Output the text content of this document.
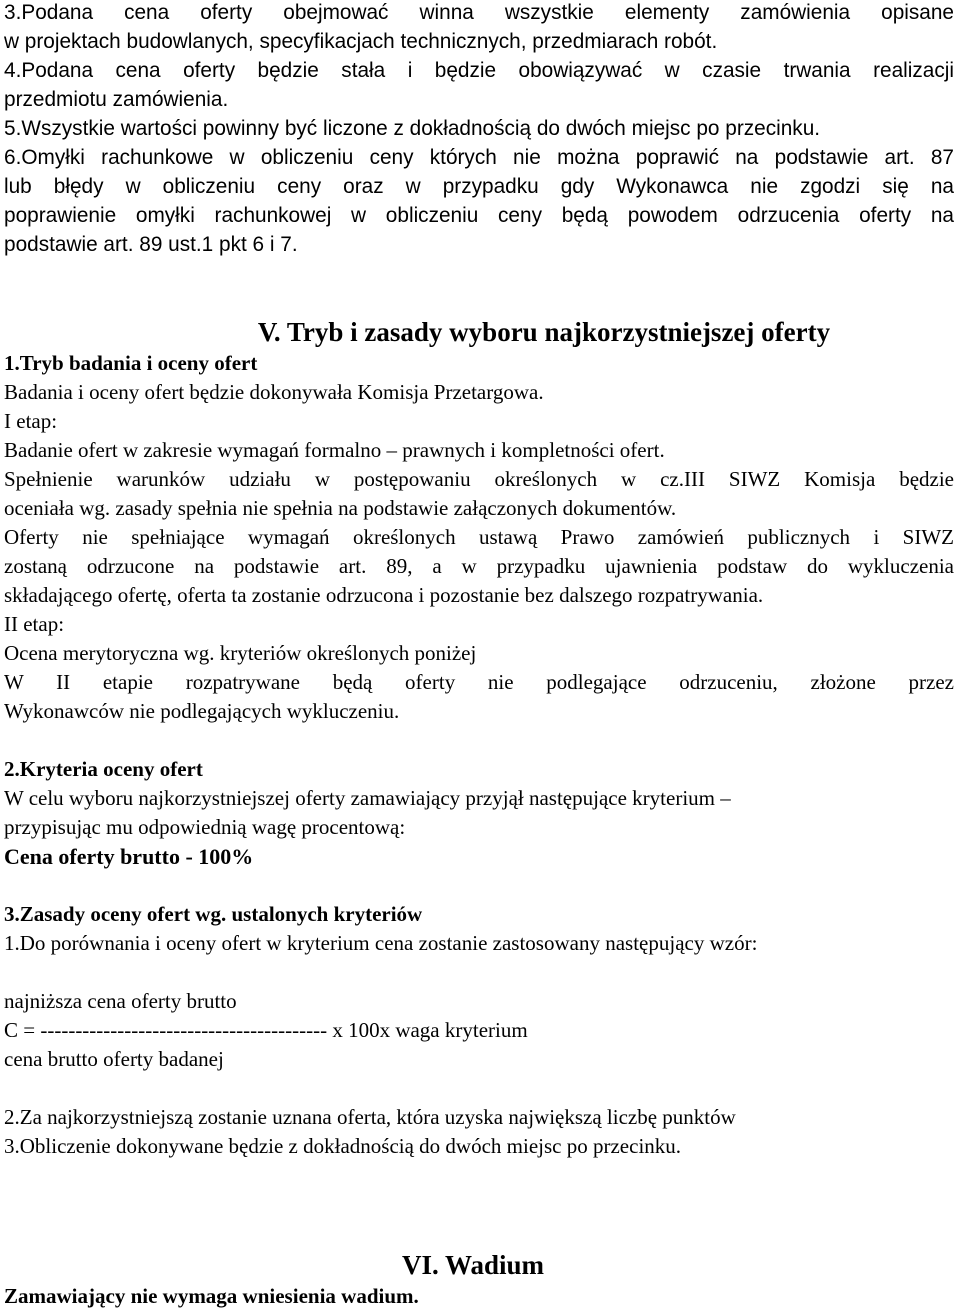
3.Podana cena oferty obejmować winna wszystkie elementy zamówienia opisane

w projektach budowlanych, specyfikacjach technicznych, przedmiarach robót.

4.Podana cena oferty będzie stała i będzie obowiązywać w czasie trwania realizacji

przedmiotu zamówienia.

5.Wszystkie wartości powinny być liczone z dokładnością do dwóch miejsc po przecinku.

6.Omyłki rachunkowe w obliczeniu ceny których nie można poprawić na podstawie art. 87

lub błędy w obliczeniu ceny oraz w przypadku gdy Wykonawca nie zgodzi się na

poprawienie omyłki rachunkowej w obliczeniu ceny będą powodem odrzucenia oferty na

podstawie art. 89 ust.1 pkt 6 i 7.

V. Tryb i zasady wyboru najkorzystniejszej oferty

1.Tryb badania i oceny ofert

Badania i oceny ofert będzie dokonywała Komisja Przetargowa.

I etap:

Badanie ofert w zakresie wymagań formalno – prawnych i kompletności ofert.

Spełnienie warunków udziału w postępowaniu określonych w cz.III SIWZ Komisja będzie

oceniała wg. zasady spełnia nie spełnia na podstawie załączonych dokumentów.

Oferty nie spełniające wymagań określonych ustawą Prawo zamówień publicznych i SIWZ

zostaną odrzucone na podstawie art. 89, a w przypadku ujawnienia podstaw do wykluczenia

składającego ofertę, oferta ta zostanie odrzucona i pozostanie bez dalszego rozpatrywania.

II etap:

Ocena merytoryczna wg. kryteriów określonych poniżej

W II etapie rozpatrywane będą oferty nie podlegające odrzuceniu, złożone przez

Wykonawców nie podlegających wykluczeniu.

2.Kryteria oceny ofert

W celu wyboru najkorzystniejszej oferty zamawiający przyjął następujące kryterium –

przypisując mu odpowiednią wagę procentową:

Cena oferty brutto - 100%

3.Zasady oceny ofert wg. ustalonych kryteriów

1.Do porównania i oceny ofert w kryterium cena zostanie zastosowany następujący wzór:

najniższa cena oferty brutto

C = ----------------------------------------- x 100x waga kryterium

cena brutto oferty badanej

2.Za najkorzystniejszą zostanie uznana oferta, która uzyska największą liczbę punktów

3.Obliczenie dokonywane będzie z dokładnością do dwóch miejsc po przecinku.

VI. Wadium
Zamawiający nie wymaga wniesienia wadium.
